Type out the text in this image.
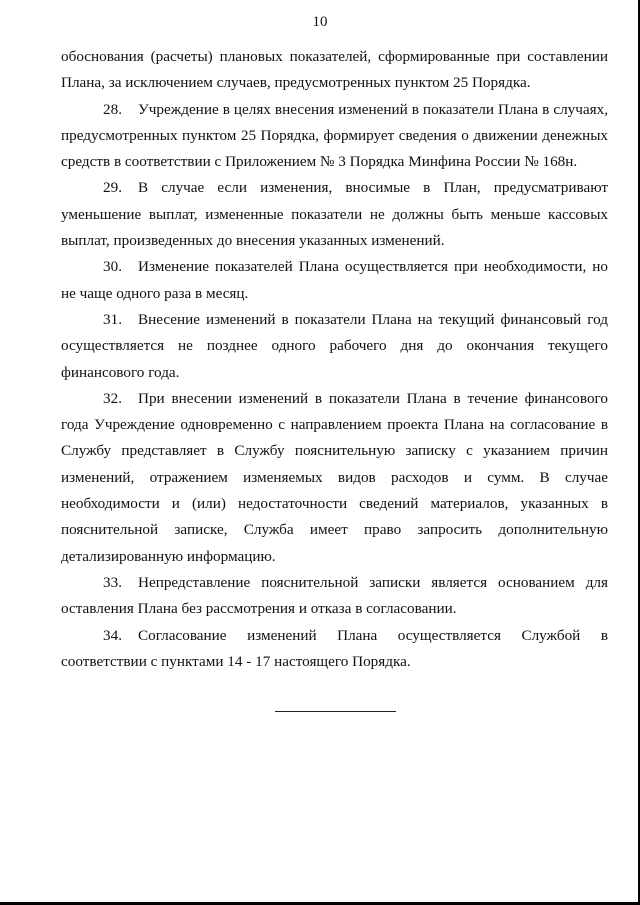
10

обоснования (расчеты) плановых показателей, сформированные при составлении Плана, за исключением случаев, предусмотренных пунктом 25 Порядка.

28. Учреждение в целях внесения изменений в показатели Плана в случаях, предусмотренных пунктом 25 Порядка, формирует сведения о движении денежных средств в соответствии с Приложением № 3 Порядка Минфина России № 168н.

29. В случае если изменения, вносимые в План, предусматривают уменьшение выплат, измененные показатели не должны быть меньше кассовых выплат, произведенных до внесения указанных изменений.

30. Изменение показателей Плана осуществляется при необходимости, но не чаще одного раза в месяц.

31. Внесение изменений в показатели Плана на текущий финансовый год осуществляется не позднее одного рабочего дня до окончания текущего финансового года.

32. При внесении изменений в показатели Плана в течение финансового года Учреждение одновременно с направлением проекта Плана на согласование в Службу представляет в Службу пояснительную записку с указанием причин изменений, отражением изменяемых видов расходов и сумм. В случае необходимости и (или) недостаточности сведений материалов, указанных в пояснительной записке, Служба имеет право запросить дополнительную детализированную информацию.

33. Непредставление пояснительной записки является основанием для оставления Плана без рассмотрения и отказа в согласовании.

34. Согласование изменений Плана осуществляется Службой в соответствии с пунктами 14 - 17 настоящего Порядка.
